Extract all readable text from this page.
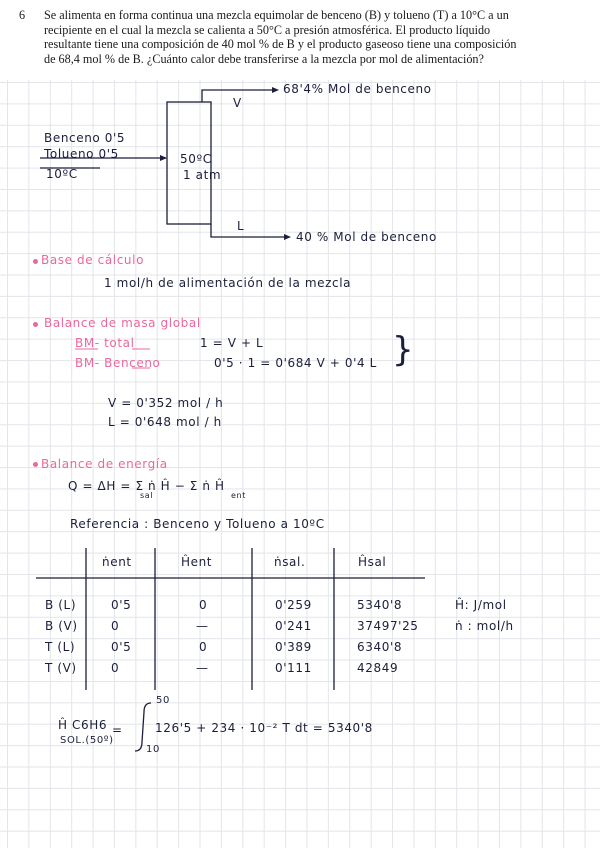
6 Se alimenta en forma continua una mezcla equimolar de benceno (B) y tolueno (T) a 10°C a un
recipiente en el cual la mezcla se calienta a 50°C a presión atmosférica. El producto líquido
resultante tiene una composición de 40 mol % de B y el producto gaseoso tiene una composición
de 68,4 mol % de B. ¿Cuánto calor debe transferirse a la mezcla por mol de alimentación?
V
68'4% Mol de benceno
Benceno 0'5
Tolueno 0'5
10ºC
50ºC
1 atm
L
40 % Mol de benceno
Base de cálculo
1 mol/h de alimentación de la mezcla
Balance de masa global
BM- total	1 = V + L
BM- Benceno	0'5 · 1 = 0'684 V + 0'4 L }
V = 0'352 mol / h
L = 0'648 mol / h
Balance de energía
Q = ΔH = Σ ṅ Ĥ − Σ ṅ Ĥ
sal	ent
Referencia : Benceno y Tolueno a 10ºC
ṅent	Ĥent	ṅsal.	Ĥsal
B (L)	0'5	0	0'259	5340'8
B (V)	0	—	0'241	37497'25
T (L)	0'5	0	0'389	6340'8
T (V)	0	—	0'111	42849
Ĥ: J/mol
ṅ : mol/h
Ĥ C6H6
SOL.(50º)
=
50
10
126'5 + 234 · 10⁻² T dt = 5340'8
